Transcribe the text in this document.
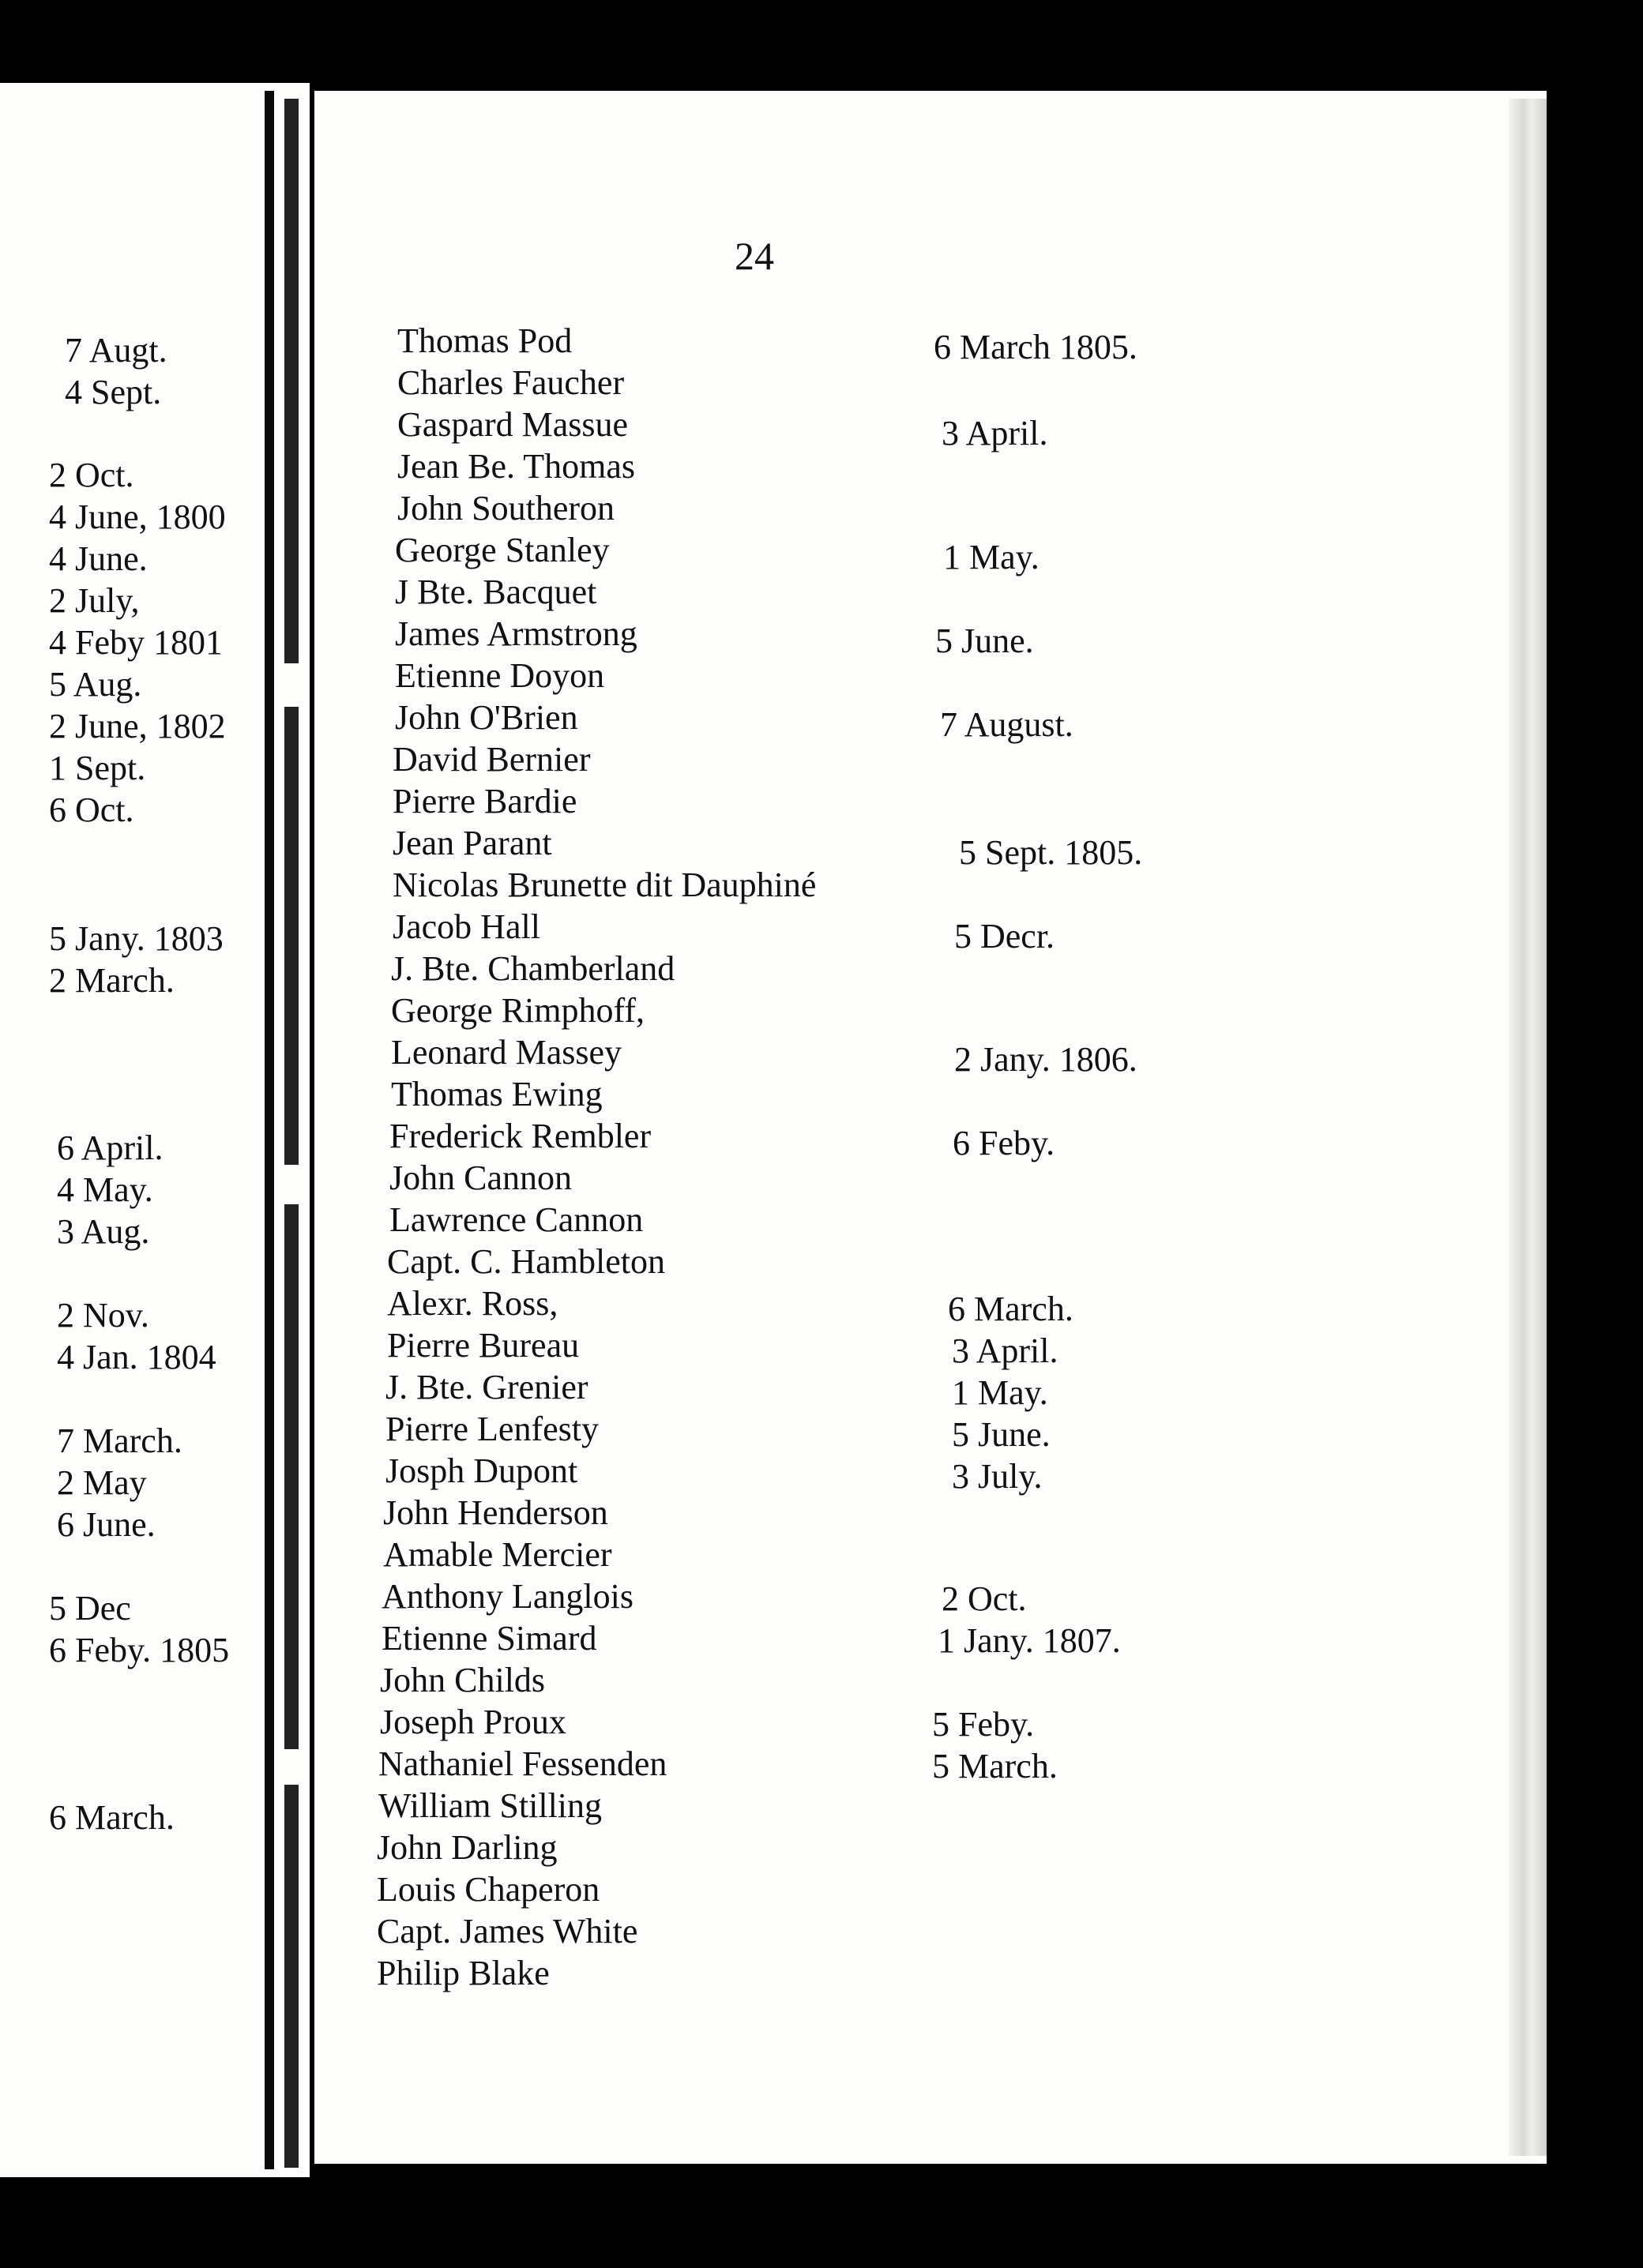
24
7 Augt.
4 Sept.
2 Oct.
4 June, 1800
4 June.
2 July,
4 Feby 1801
5 Aug.
2 June, 1802
1 Sept.
6 Oct.
5 Jany. 1803
2 March.
6 April.
4 May.
3 Aug.
2 Nov.
4 Jan. 1804
7 March.
2 May
6 June.
5 Dec
6 Feby. 1805
6 March.
Thomas Pod
Charles Faucher
Gaspard Massue
Jean Be. Thomas
John Southeron
George Stanley
J Bte. Bacquet
James Armstrong
Etienne Doyon
John O'Brien
David Bernier
Pierre Bardie
Jean Parant
Nicolas Brunette dit Dauphiné
Jacob Hall
J. Bte. Chamberland
George Rimphoff,
Leonard Massey
Thomas Ewing
Frederick Rembler
John Cannon
Lawrence Cannon
Capt. C. Hambleton
Alexr. Ross,
Pierre Bureau
J. Bte. Grenier
Pierre Lenfesty
Josph Dupont
John Henderson
Amable Mercier
Anthony Langlois
Etienne Simard
John Childs
Joseph Proux
Nathaniel Fessenden
William Stilling
John Darling
Louis Chaperon
Capt. James White
Philip Blake
6 March 1805.
3 April.
1 May.
5 June.
7 August.
5 Sept. 1805.
5 Decr.
2 Jany. 1806.
6 Feby.
6 March.
3 April.
1 May.
5 June.
3 July.
2 Oct.
1 Jany. 1807.
5 Feby.
5 March.
